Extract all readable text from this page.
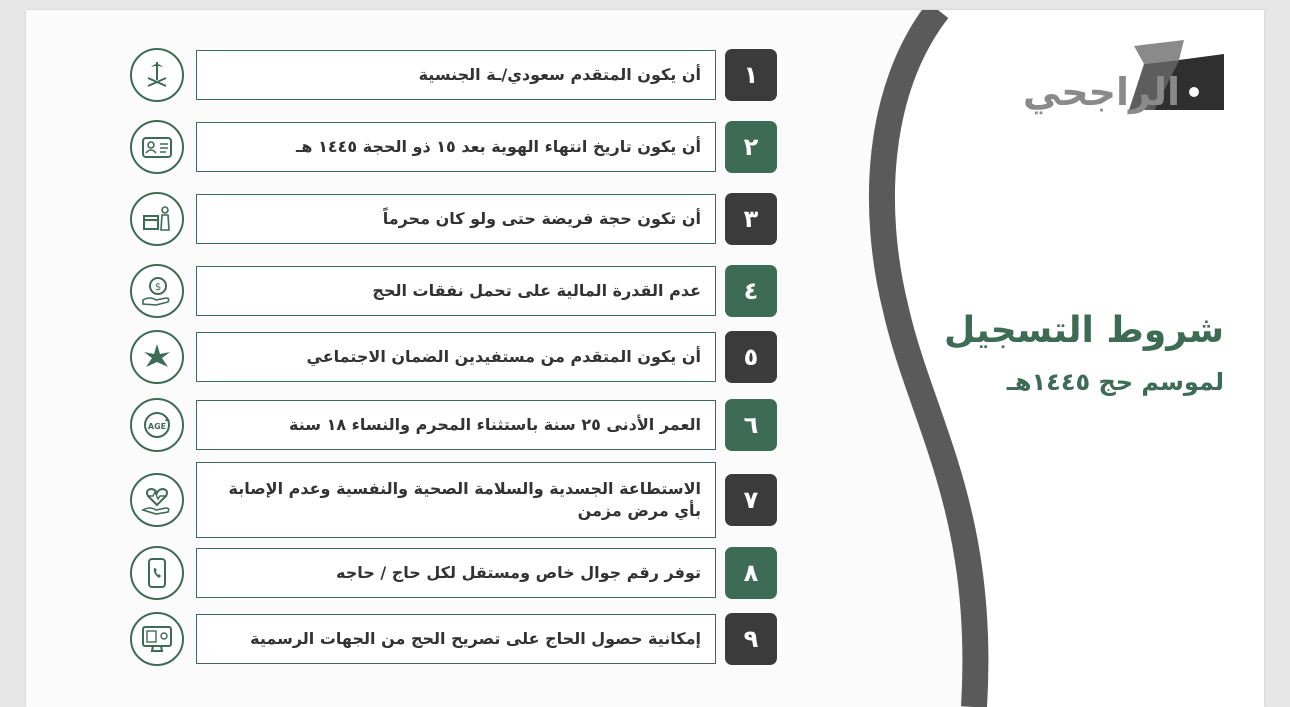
الراجحي
شروط التسجيل
لموسم حج ١٤٤٥هـ
أن يكون المتقدم سعودي/ـة الجنسية	١
أن يكون تاريخ انتهاء الهوية بعد ١٥ ذو الحجة ١٤٤٥ هـ	٢
أن تكون حجة فريضة حتى ولو كان محرماً	٣
$	عدم القدرة المالية على تحمل نفقات الحج	٤
أن يكون المتقدم من مستفيدين الضمان الاجتماعي	٥
AGE	العمر الأدنى ٢٥ سنة باستثناء المحرم والنساء ١٨ سنة	٦
الاستطاعة الجسدية والسلامة الصحية والنفسية وعدم الإصابة بأي مرض مزمن	٧
توفر رقم جوال خاص ومستقل لكل حاج / حاجه	٨
إمكانية حصول الحاج على تصريح الحج من الجهات الرسمية	٩
